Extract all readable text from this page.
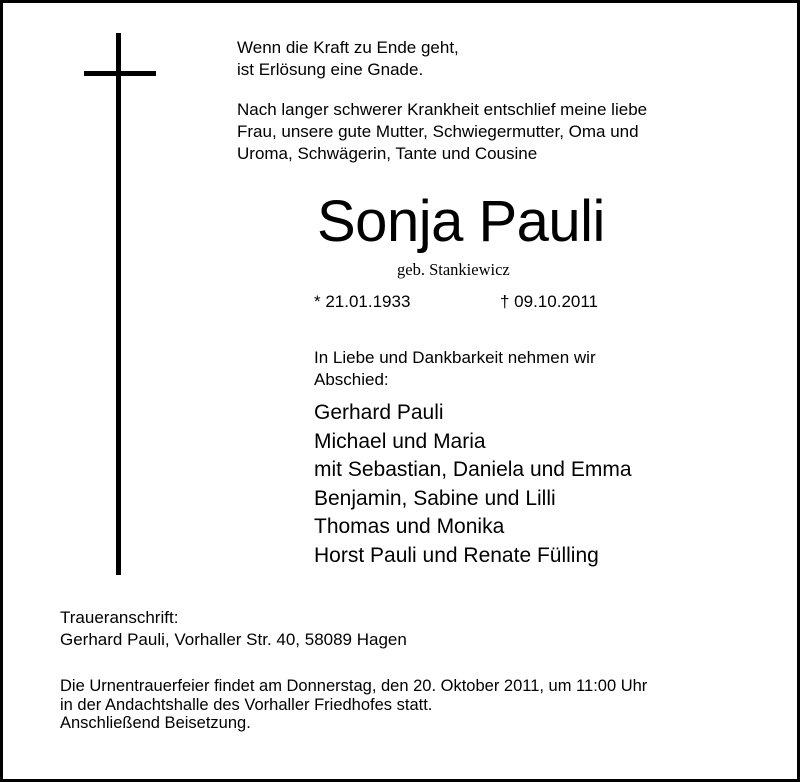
Wenn die Kraft zu Ende geht,
ist Erlösung eine Gnade.
Nach langer schwerer Krankheit entschlief meine liebe
Frau, unsere gute Mutter, Schwiegermutter, Oma und
Uroma, Schwägerin, Tante und Cousine
Sonja Pauli
geb. Stankiewicz
* 21.01.1933	† 09.10.2011
In Liebe und Dankbarkeit nehmen wir
Abschied:
Gerhard Pauli
Michael und Maria
mit Sebastian, Daniela und Emma
Benjamin, Sabine und Lilli
Thomas und Monika
Horst Pauli und Renate Fülling
Traueranschrift:
Gerhard Pauli, Vorhaller Str. 40, 58089 Hagen
Die Urnentrauerfeier findet am Donnerstag, den 20. Oktober 2011, um 11:00 Uhr
in der Andachtshalle des Vorhaller Friedhofes statt.
Anschließend Beisetzung.
